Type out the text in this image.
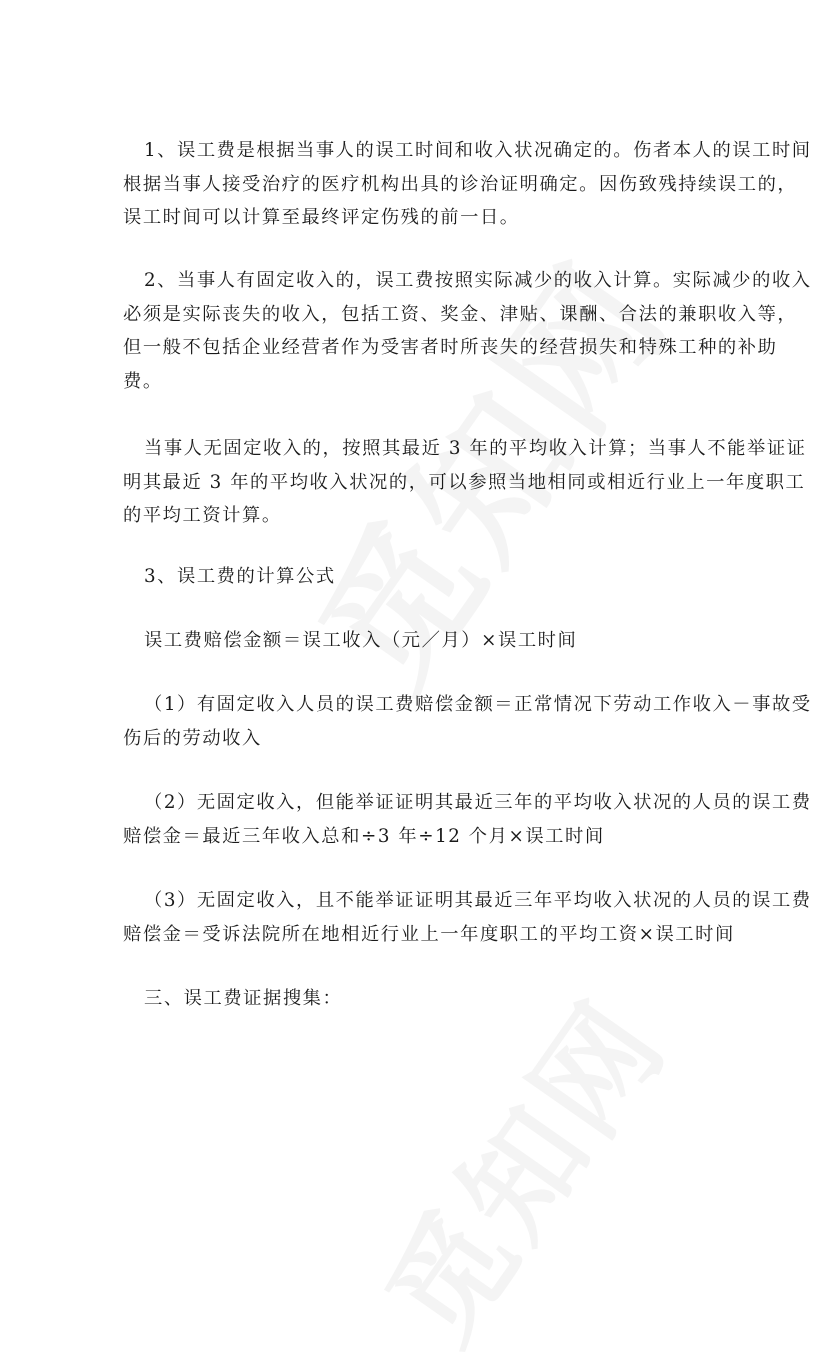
1、误工费是根据当事人的误工时间和收入状况确定的。伤者本人的误工时间
根据当事人接受治疗的医疗机构出具的诊治证明确定。因伤致残持续误工的，
误工时间可以计算至最终评定伤残的前一日。
2、当事人有固定收入的，误工费按照实际减少的收入计算。实际减少的收入
必须是实际丧失的收入，包括工资、奖金、津贴、课酬、合法的兼职收入等，
但一般不包括企业经营者作为受害者时所丧失的经营损失和特殊工种的补助
费。
当事人无固定收入的，按照其最近 3 年的平均收入计算；当事人不能举证证
明其最近 3 年的平均收入状况的，可以参照当地相同或相近行业上一年度职工
的平均工资计算。
3、误工费的计算公式
误工费赔偿金额＝误工收入（元／月）×误工时间
（1）有固定收入人员的误工费赔偿金额＝正常情况下劳动工作收入－事故受
伤后的劳动收入
（2）无固定收入，但能举证证明其最近三年的平均收入状况的人员的误工费
赔偿金＝最近三年收入总和÷3 年÷12 个月×误工时间
（3）无固定收入，且不能举证证明其最近三年平均收入状况的人员的误工费
赔偿金＝受诉法院所在地相近行业上一年度职工的平均工资×误工时间
三、误工费证据搜集：
